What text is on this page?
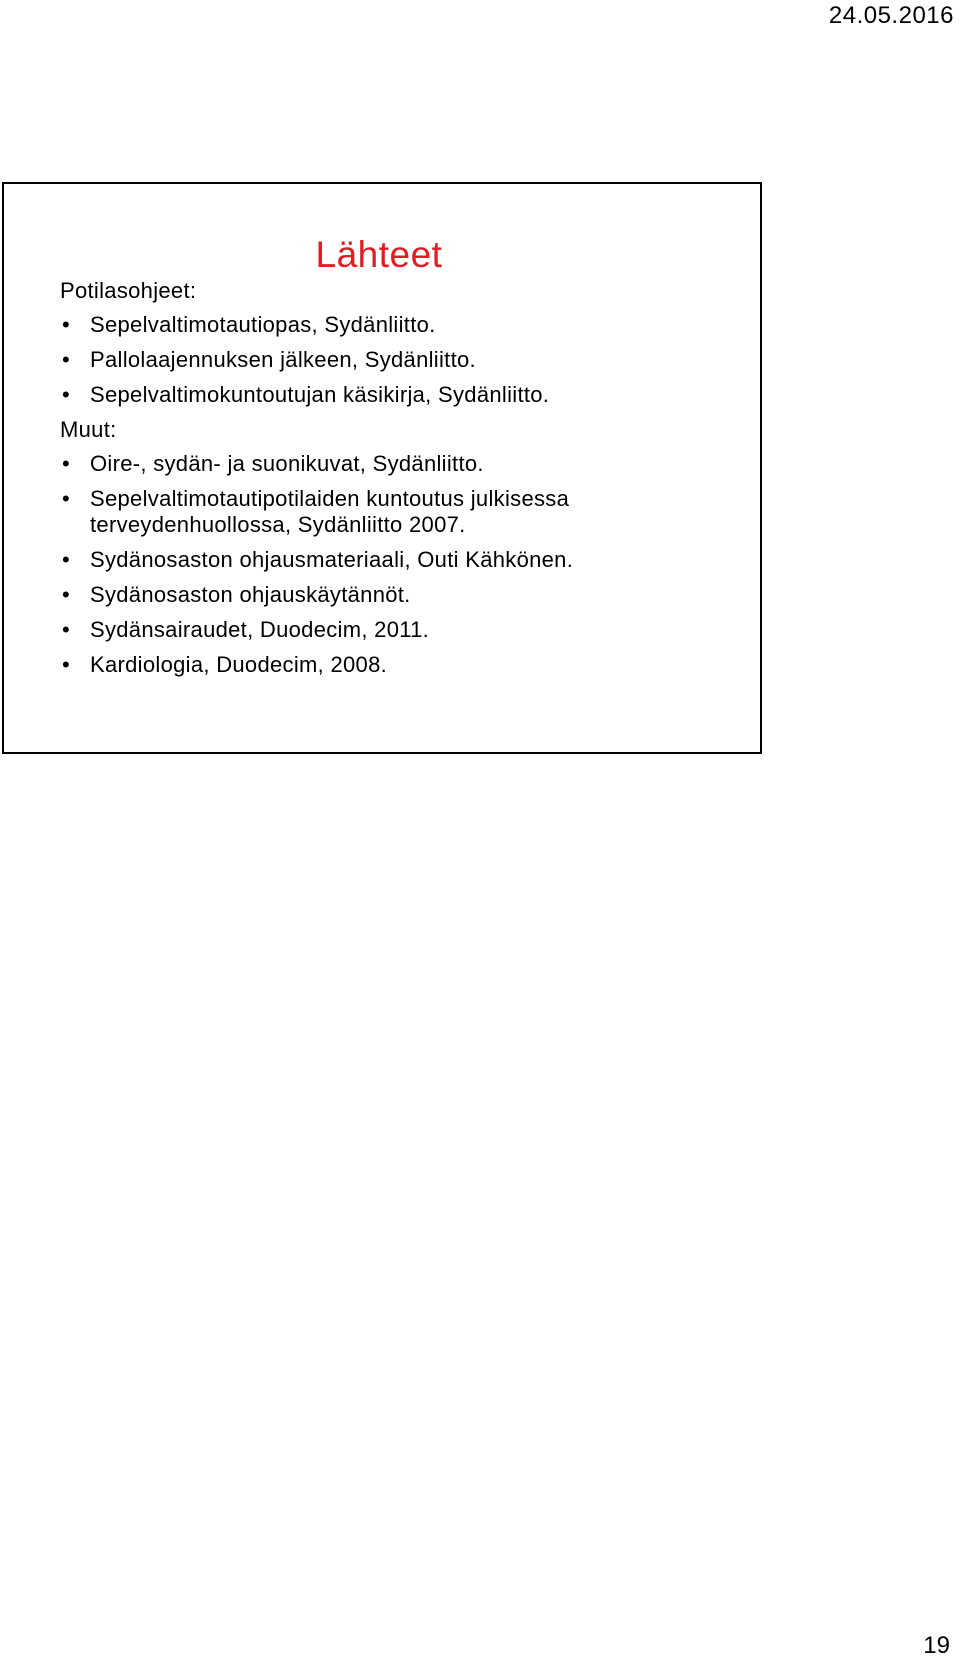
24.05.2016
Lähteet
Potilasohjeet:
• Sepelvaltimotautiopas, Sydänliitto.
• Pallolaajennuksen jälkeen, Sydänliitto.
• Sepelvaltimokuntoutujan käsikirja, Sydänliitto.
Muut:
• Oire-, sydän- ja suonikuvat, Sydänliitto.
• Sepelvaltimotautipotilaiden kuntoutus julkisessa terveydenhuollossa, Sydänliitto 2007.
• Sydänosaston ohjausmateriaali, Outi Kähkönen.
• Sydänosaston ohjauskäytännöt.
• Sydänsairaudet, Duodecim, 2011.
• Kardiologia, Duodecim, 2008.
19
